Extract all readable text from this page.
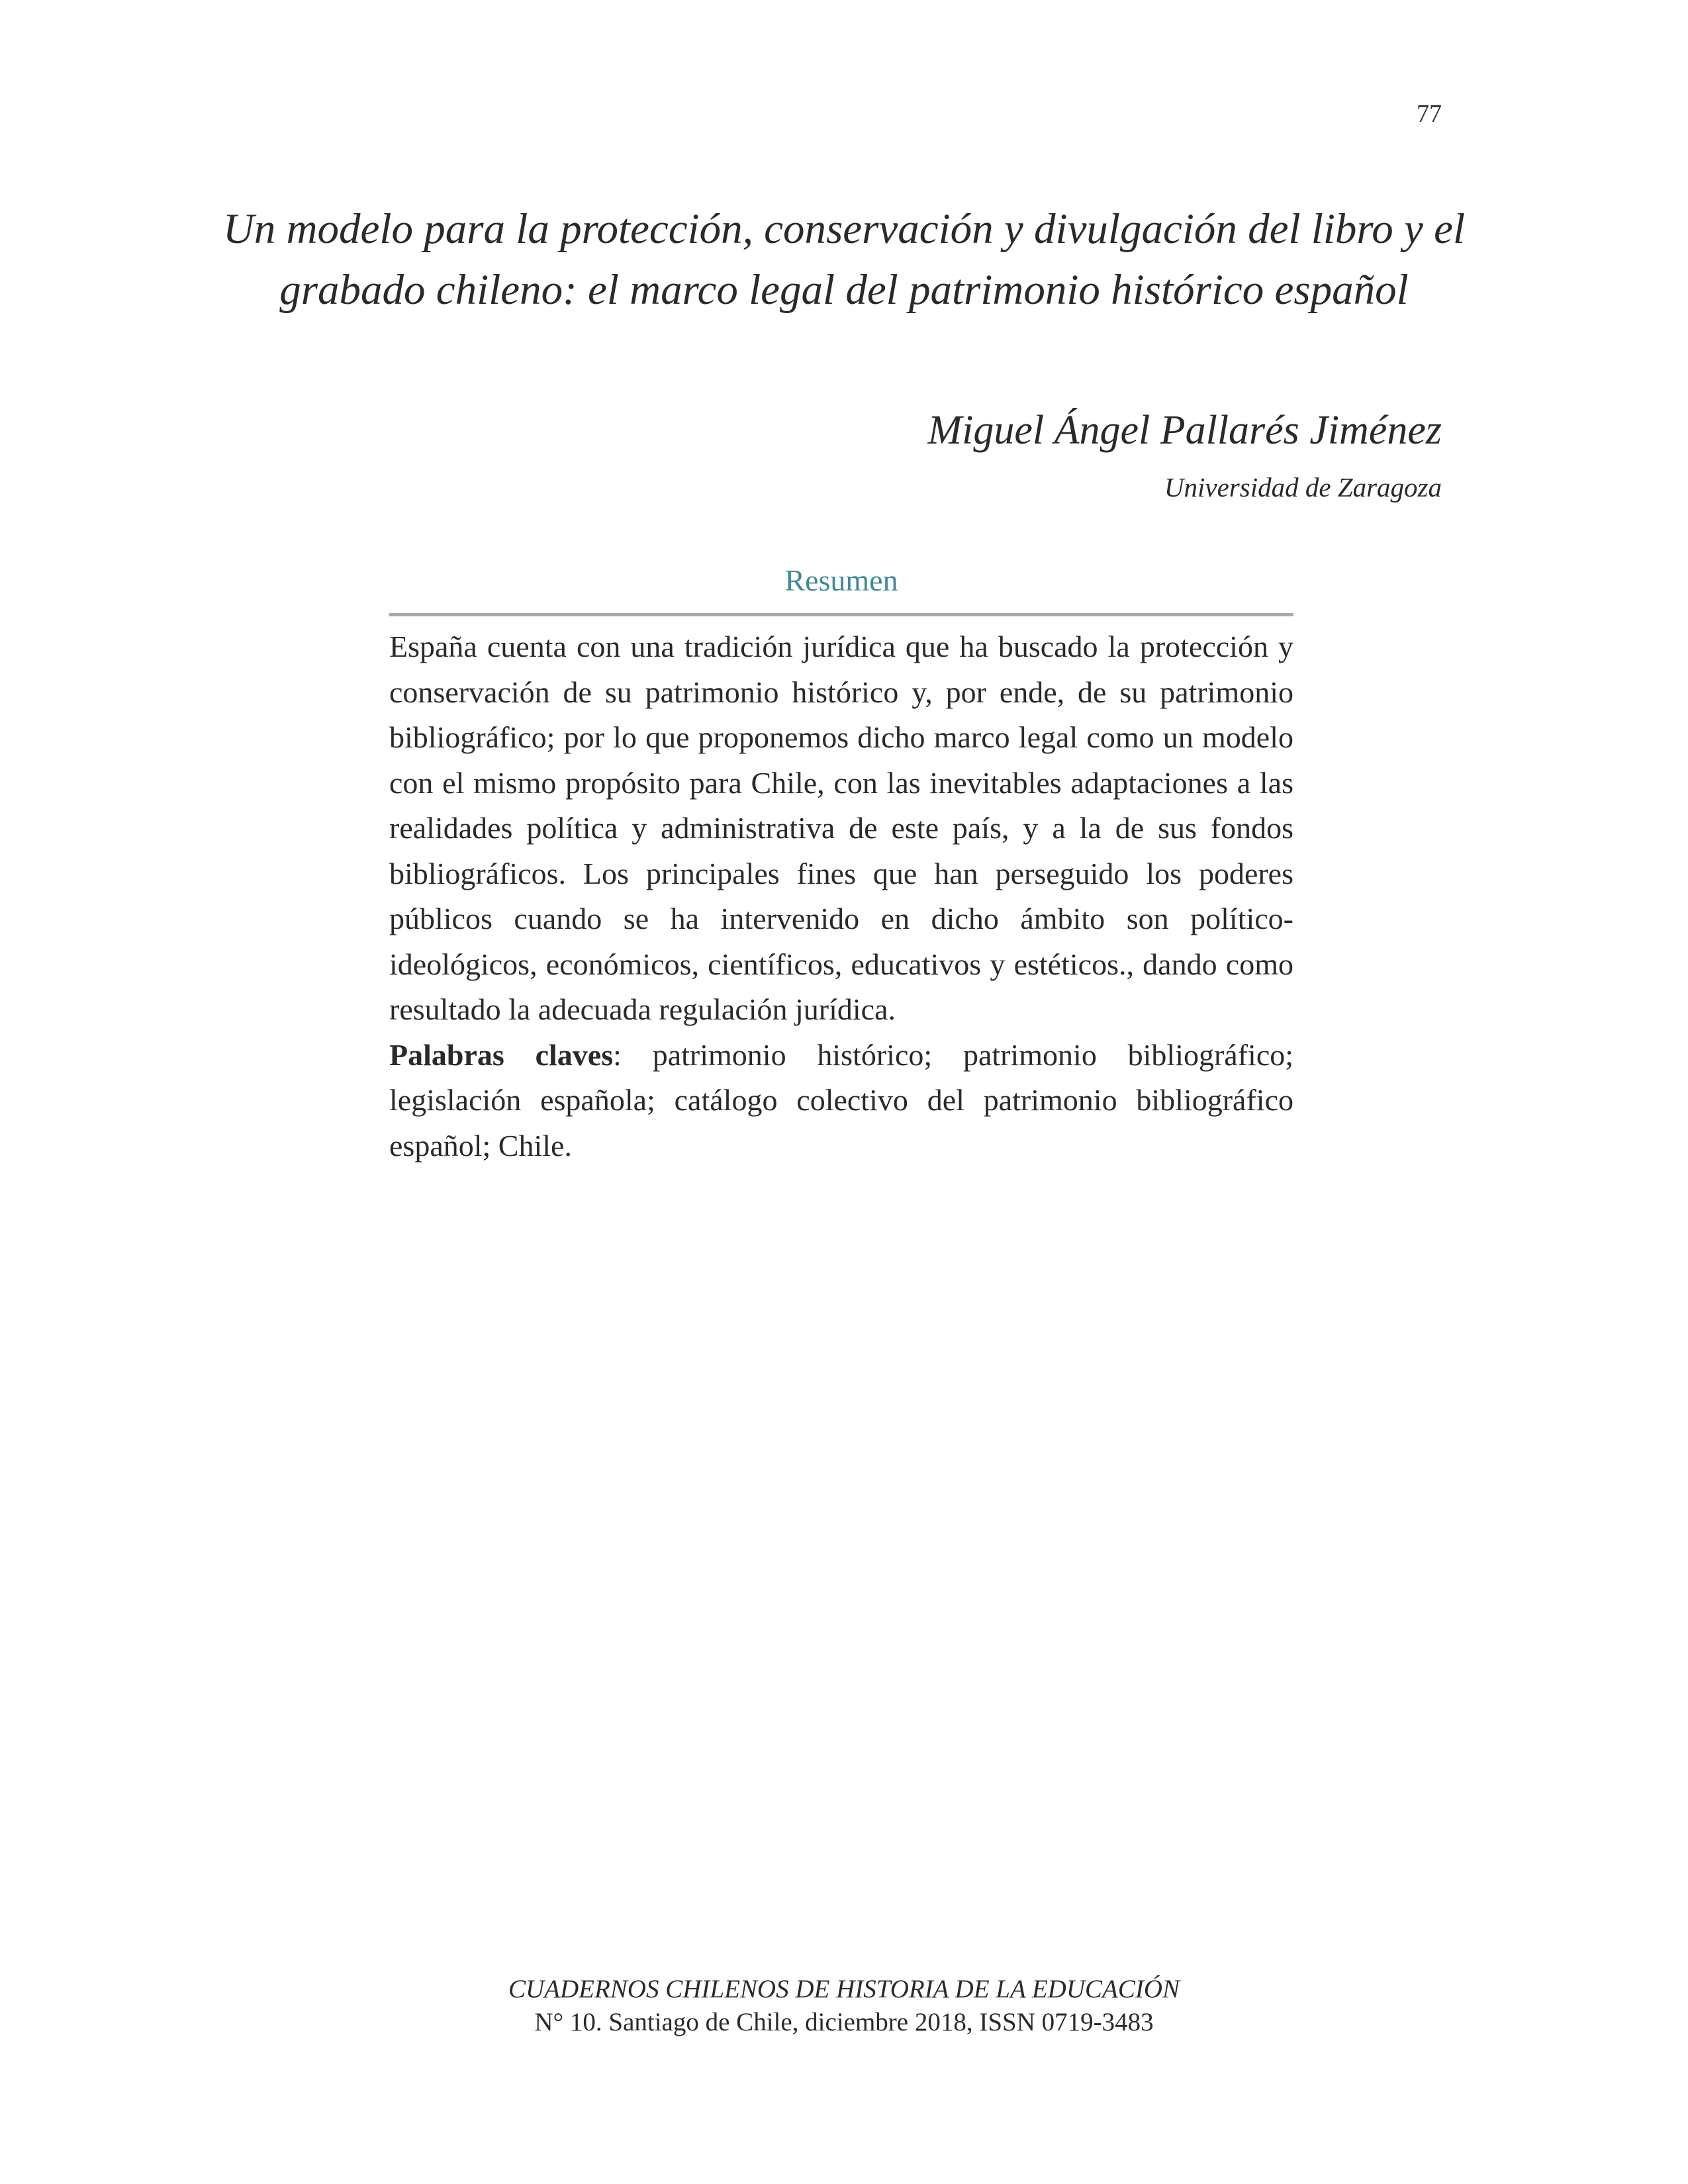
77
Un modelo para la protección, conservación y divulgación del libro y el grabado chileno: el marco legal del patrimonio histórico español
Miguel Ángel Pallarés Jiménez
Universidad de Zaragoza
Resumen
España cuenta con una tradición jurídica que ha buscado la protección y conservación de su patrimonio histórico y, por ende, de su patrimonio bibliográfico; por lo que proponemos dicho marco legal como un modelo con el mismo propósito para Chile, con las inevitables adaptaciones a las realidades política y administrativa de este país, y a la de sus fondos bibliográficos. Los principales fines que han perseguido los poderes públicos cuando se ha intervenido en dicho ámbito son político-ideológicos, económicos, científicos, educativos y estéticos., dando como resultado la adecuada regulación jurídica.
Palabras claves: patrimonio histórico; patrimonio bibliográfico; legislación española; catálogo colectivo del patrimonio bibliográfico español; Chile.
CUADERNOS CHILENOS DE HISTORIA DE LA EDUCACIÓN
N° 10. Santiago de Chile, diciembre 2018, ISSN 0719-3483
